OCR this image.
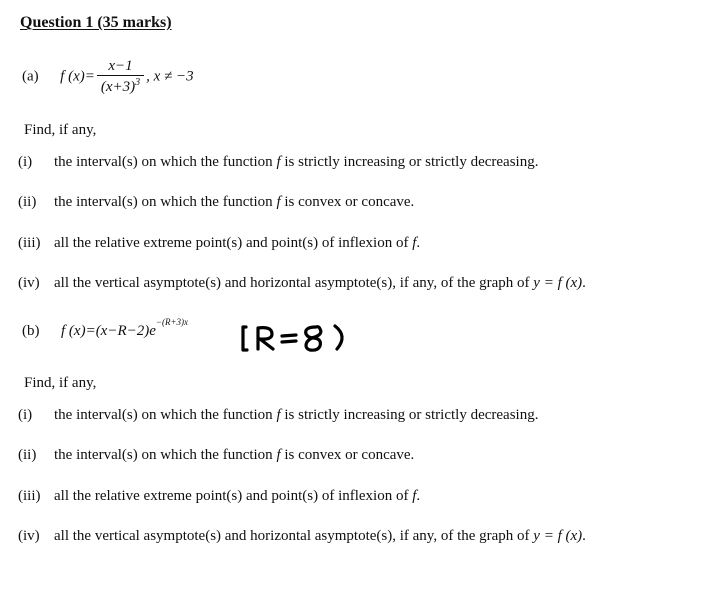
Question 1 (35 marks)
(a) f $(x)= \frac{x-1}{(x+3)^3}$ , x ≠ −3
Find, if any,
(i) the interval(s) on which the function f is strictly increasing or strictly decreasing.
(ii) the interval(s) on which the function f is convex or concave.
(iii) all the relative extreme point(s) and point(s) of inflexion of f.
(iv) all the vertical asymptote(s) and horizontal asymptote(s), if any, of the graph of y = f (x).
(b) f $(x)=(x-R-2)e^{-(R+3)x}$
Find, if any,
(i) the interval(s) on which the function f is strictly increasing or strictly decreasing.
(ii) the interval(s) on which the function f is convex or concave.
(iii) all the relative extreme point(s) and point(s) of inflexion of f.
(iv) all the vertical asymptote(s) and horizontal asymptote(s), if any, of the graph of y = f (x).
